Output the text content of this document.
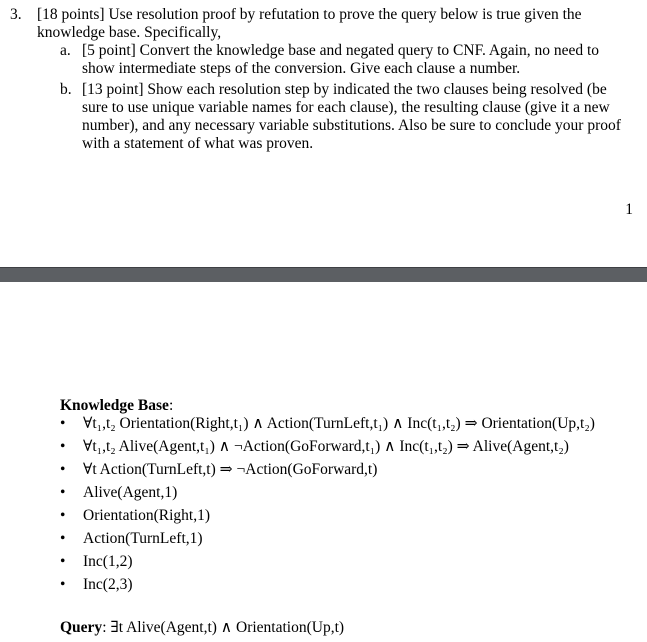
3. [18 points] Use resolution proof by refutation to prove the query below is true given the
knowledge base. Specifically,
a. [5 point] Convert the knowledge base and negated query to CNF. Again, no need to
show intermediate steps of the conversion. Give each clause a number.
b. [13 point] Show each resolution step by indicated the two clauses being resolved (be
sure to use unique variable names for each clause), the resulting clause (give it a new
number), and any necessary variable substitutions. Also be sure to conclude your proof
with a statement of what was proven.
1
Knowledge Base:
• ∀t₁,t₂ Orientation(Right,t₁) ∧ Action(TurnLeft,t₁) ∧ Inc(t₁,t₂) ⇒ Orientation(Up,t₂)
• ∀t₁,t₂ Alive(Agent,t₁) ∧ ¬Action(GoForward,t₁) ∧ Inc(t₁,t₂) ⇒ Alive(Agent,t₂)
• ∀t Action(TurnLeft,t) ⇒ ¬Action(GoForward,t)
• Alive(Agent,1)
• Orientation(Right,1)
• Action(TurnLeft,1)
• Inc(1,2)
• Inc(2,3)
Query: ∃t Alive(Agent,t) ∧ Orientation(Up,t)
